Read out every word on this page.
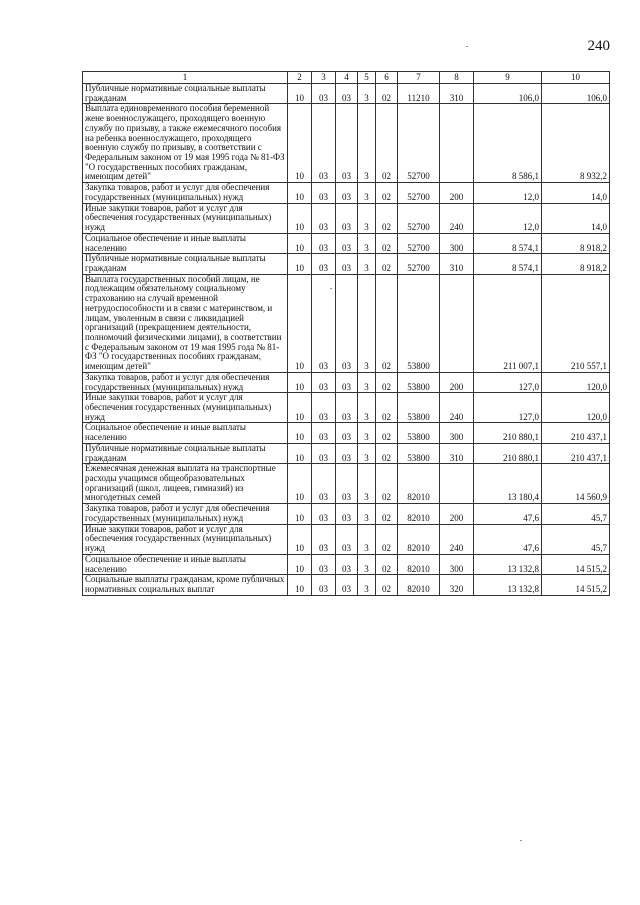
240
1	2	3	4	5	6	7	8	9	10
Публичные нормативные социальные выплаты гражданам	10	03	03	3	02	11210	310	106,0	106,0
Выплата единовременного пособия беременной жене военнослужащего, проходящего военную службу по призыву, а также ежемесячного пособия на ребенка военнослужащего, проходящего военную службу по призыву, в соответствии с Федеральным законом от 19 мая 1995 года № 81-ФЗ "О государственных пособиях гражданам, имеющим детей"	10	03	03	3	02	52700		8 586,1	8 932,2
Закупка товаров, работ и услуг для обеспечения государственных (муниципальных) нужд	10	03	03	3	02	52700	200	12,0	14,0
Иные закупки товаров, работ и услуг для обеспечения государственных (муниципальных) нужд	10	03	03	3	02	52700	240	12,0	14,0
Социальное обеспечение и иные выплаты населению	10	03	03	3	02	52700	300	8 574,1	8 918,2
Публичные нормативные социальные выплаты гражданам	10	03	03	3	02	52700	310	8 574,1	8 918,2
Выплата государственных пособий лицам, не подлежащим обязательному социальному страхованию на случай временной нетрудоспособности и в связи с материнством, и лицам, уволенным в связи с ликвидацией организаций (прекращением деятельности, полномочий физическими лицами), в соответствии с Федеральным законом от 19 мая 1995 года № 81-ФЗ "О государственных пособиях гражданам, имеющим детей"	10	03	03	3	02	53800		211 007,1	210 557,1
Закупка товаров, работ и услуг для обеспечения государственных (муниципальных) нужд	10	03	03	3	02	53800	200	127,0	120,0
Иные закупки товаров, работ и услуг для обеспечения государственных (муниципальных) нужд	10	03	03	3	02	53800	240	127,0	120,0
Социальное обеспечение и иные выплаты населению	10	03	03	3	02	53800	300	210 880,1	210 437,1
Публичные нормативные социальные выплаты гражданам	10	03	03	3	02	53800	310	210 880,1	210 437,1
Ежемесячная денежная выплата на транспортные расходы учащимся общеобразовательных организаций (школ, лицеев, гимназий) из многодетных семей	10	03	03	3	02	82010		13 180,4	14 560,9
Закупка товаров, работ и услуг для обеспечения государственных (муниципальных) нужд	10	03	03	3	02	82010	200	47,6	45,7
Иные закупки товаров, работ и услуг для обеспечения государственных (муниципальных) нужд	10	03	03	3	02	82010	240	47,6	45,7
Социальное обеспечение и иные выплаты населению	10	03	03	3	02	82010	300	13 132,8	14 515,2
Социальные выплаты гражданам, кроме публичных нормативных социальных выплат	10	03	03	3	02	82010	320	13 132,8	14 515,2
